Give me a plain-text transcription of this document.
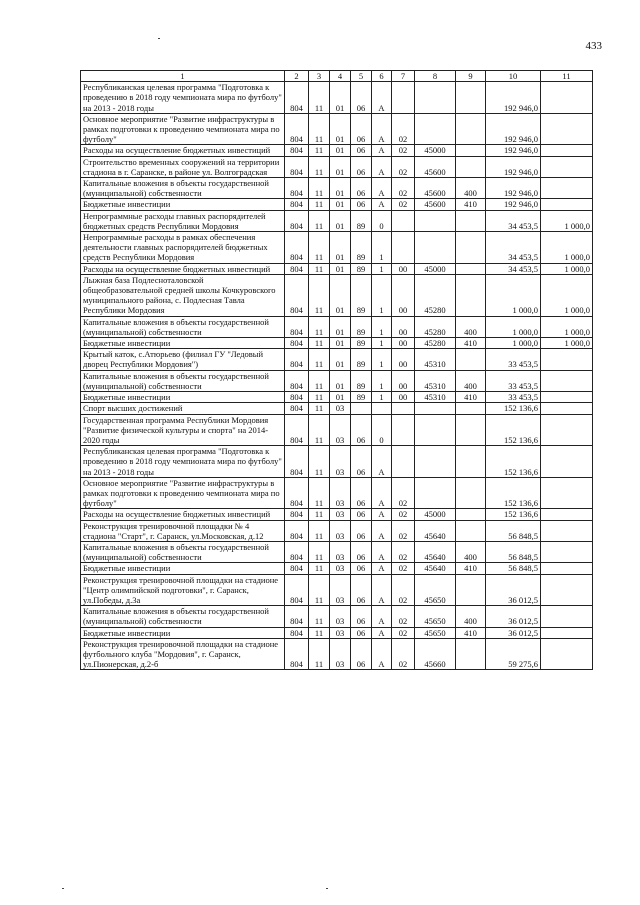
433
1	2	3	4	5	6	7	8	9	10	11
Республиканская целевая программа "Подготовка к проведению в 2018 году чемпионата мира по футболу" на 2013 - 2018 годы	804	11	01	06	А				192 946,0	
Основное мероприятие "Развитие инфраструктуры в рамках подготовки к проведению чемпионата мира по футболу"	804	11	01	06	А	02			192 946,0	
Расходы на осуществление бюджетных инвестиций	804	11	01	06	А	02	45000		192 946,0	
Строительство временных сооружений на территории стадиона в г. Саранске, в районе ул. Волгоградская	804	11	01	06	А	02	45600		192 946,0	
Капитальные вложения в объекты государственной (муниципальной) собственности	804	11	01	06	А	02	45600	400	192 946,0	
Бюджетные инвестиции	804	11	01	06	А	02	45600	410	192 946,0	
Непрограммные расходы главных распорядителей бюджетных средств Республики Мордовия	804	11	01	89	0				34 453,5	1 000,0
Непрограммные расходы в рамках обеспечения деятельности главных распорядителей бюджетных средств Республики Мордовия	804	11	01	89	1				34 453,5	1 000,0
Расходы на осуществление бюджетных инвестиций	804	11	01	89	1	00	45000		34 453,5	1 000,0
Лыжная база Подлесноталовской общеобразовательной средней школы Кочкуровского муниципального района, с. Подлесная Тавла Республики Мордовия	804	11	01	89	1	00	45280		1 000,0	1 000,0
Капитальные вложения в объекты государственной (муниципальной) собственности	804	11	01	89	1	00	45280	400	1 000,0	1 000,0
Бюджетные инвестиции	804	11	01	89	1	00	45280	410	1 000,0	1 000,0
Крытый каток, с.Атюрьево (филиал ГУ "Ледовый дворец Республики Мордовия")	804	11	01	89	1	00	45310		33 453,5	
Капитальные вложения в объекты государственной (муниципальной) собственности	804	11	01	89	1	00	45310	400	33 453,5	
Бюджетные инвестиции	804	11	01	89	1	00	45310	410	33 453,5	
Спорт высших достижений	804	11	03						152 136,6	
Государственная программа Республики Мордовия "Развитие физической культуры и спорта" на 2014-2020 годы	804	11	03	06	0				152 136,6	
Республиканская целевая программа "Подготовка к проведению в 2018 году чемпионата мира по футболу" на 2013 - 2018 годы	804	11	03	06	А				152 136,6	
Основное мероприятие "Развитие инфраструктуры в рамках подготовки к проведению чемпионата мира по футболу"	804	11	03	06	А	02			152 136,6	
Расходы на осуществление бюджетных инвестиций	804	11	03	06	А	02	45000		152 136,6	
Реконструкция тренировочной площадки № 4 стадиона "Старт", г. Саранск, ул.Московская, д.12	804	11	03	06	А	02	45640		56 848,5	
Капитальные вложения в объекты государственной (муниципальной) собственности	804	11	03	06	А	02	45640	400	56 848,5	
Бюджетные инвестиции	804	11	03	06	А	02	45640	410	56 848,5	
Реконструкция тренировочной площадки на стадионе "Центр олимпийской подготовки", г. Саранск, ул.Победы, д.3а	804	11	03	06	А	02	45650		36 012,5	
Капитальные вложения в объекты государственной (муниципальной) собственности	804	11	03	06	А	02	45650	400	36 012,5	
Бюджетные инвестиции	804	11	03	06	А	02	45650	410	36 012,5	
Реконструкция тренировочной площадки на стадионе футбольного клуба "Мордовия", г. Саранск, ул.Пионерская, д.2-б	804	11	03	06	А	02	45660		59 275,6	
